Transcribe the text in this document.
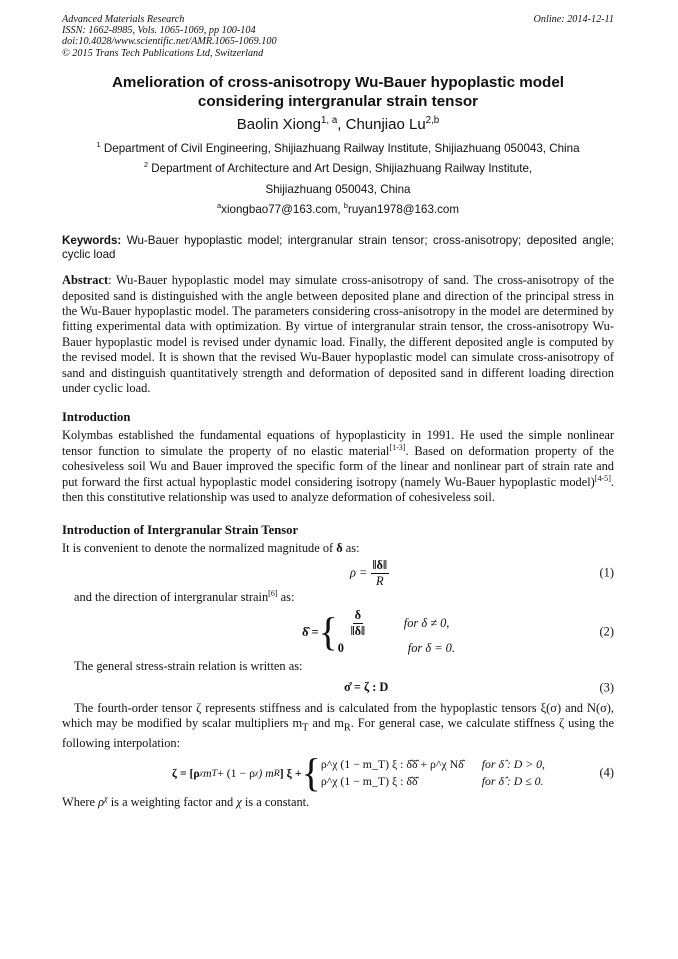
Advanced Materials Research
ISSN: 1662-8985, Vols. 1065-1069, pp 100-104
doi:10.4028/www.scientific.net/AMR.1065-1069.100
© 2015 Trans Tech Publications Ltd, Switzerland
Online: 2014-12-11
Amelioration of cross-anisotropy Wu-Bauer hypoplastic model
considering intergranular strain tensor
Baolin Xiong$^{1, a}$, Chunjiao Lu$^{2,b}$
$^1$ Department of Civil Engineering, Shijiazhuang Railway Institute, Shijiazhuang 050043, China
$^2$ Department of Architecture and Art Design, Shijiazhuang Railway Institute,
Shijiazhuang 050043, China
$^a$xiongbao77@163.com, $^b$ruyan1978@163.com
Keywords: Wu-Bauer hypoplastic model; intergranular strain tensor; cross-anisotropy; deposited angle; cyclic load
Abstract: Wu-Bauer hypoplastic model may simulate cross-anisotropy of sand. The cross-anisotropy of the deposited sand is distinguished with the angle between deposited plane and direction of the principal stress in the Wu-Bauer hypoplastic model. The parameters considering cross-anisotropy in the model are determined by fitting experimental data with optimization. By virtue of intergranular strain tensor, the cross-anisotropy Wu-Bauer hypoplastic model is revised under dynamic load. Finally, the different deposited angle is computed by the revised model. It is shown that the revised Wu-Bauer hypoplastic model can simulate cross-anisotropy of sand and distinguish quantitatively strength and deformation of deposited sand in different loading direction under cyclic load.
Introduction
Kolymbas established the fundamental equations of hypoplasticity in 1991. He used the simple nonlinear tensor function to simulate the property of no elastic material[1-3]. Based on deformation property of the cohesiveless soil Wu and Bauer improved the specific form of the linear and nonlinear part of strain rate and put forward the first actual hypoplastic model considering isotropy (namely Wu-Bauer hypoplastic model)[4-5]. then this constitutive relationship was used to analyze deformation of cohesiveless soil.
Introduction of Intergranular Strain Tensor
It is convenient to denote the normalized magnitude of δ as:
$\rho = \frac{‖\delta‖}{R}$	(1)
and the direction of intergranular strain[6] as:
δ̂ = { $\frac{\delta}{‖\delta‖}$ for δ ≠ 0,
0	for δ = 0.
(2)
The general stress-strain relation is written as:
σ̊ = ζ : D	(3)
The fourth-order tensor ζ represents stiffness and is calculated from the hypoplastic tensors ξ(σ) and N(σ), which may be modified by scalar multipliers $m_T$ and $m_R$. For general case, we calculate stiffness ζ using the following interpolation:
ζ = [ρ χ m T + (1 − ρ χ ) m R ] ξ + { ρ^χ (1 − m_T) ξ : δ̂δ̂ + ρ^χ Nδ̂ for δ̂ : D > 0,
ρ^χ (1 − m_T) ξ : δ̂δ̂	for δ̂ : D ≤ 0.
(4)
Where $\rho^\chi$ is a weighting factor and χ is a constant.
